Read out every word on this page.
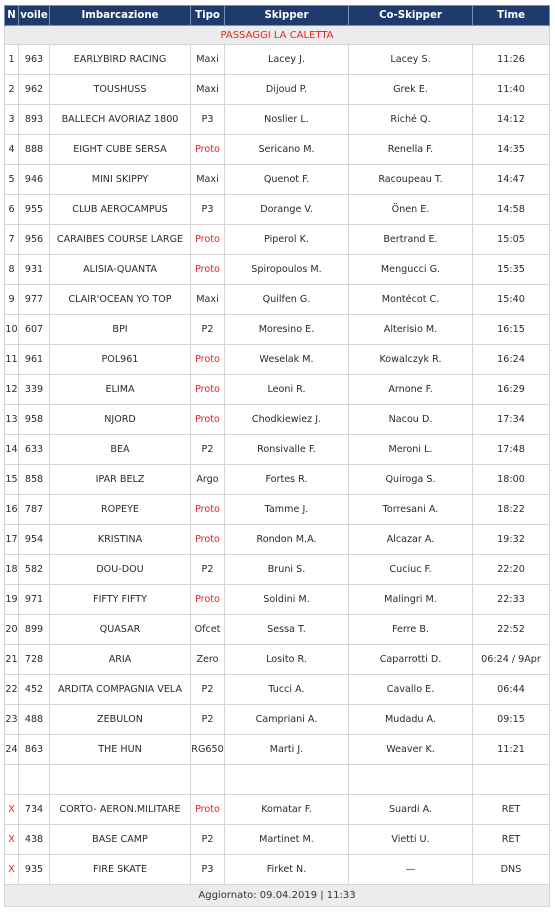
N	voile	Imbarcazione	Tipo	Skipper	Co-Skipper	Time
PASSAGGI LA CALETTA						
1	963	EARLYBIRD RACING	Maxi	Lacey J.	Lacey S.	11:26
2	962	TOUSHUSS	Maxi	Dijoud P.	Grek E.	11:40
3	893	BALLECH AVORIAZ 1800	P3	Noslier L.	Riché Q.	14:12
4	888	EIGHT CUBE SERSA	Proto	Sericano M.	Renella F.	14:35
5	946	MINI SKIPPY	Maxi	Quenot F.	Racoupeau T.	14:47
6	955	CLUB AEROCAMPUS	P3	Dorange V.	Önen E.	14:58
7	956	CARAIBES COURSE LARGE	Proto	Piperol K.	Bertrand E.	15:05
8	931	ALISIA-QUANTA	Proto	Spiropoulos M.	Mengucci G.	15:35
9	977	CLAIR'OCEAN YO TOP	Maxi	Quilfen G.	Montécot C.	15:40
10	607	BPI	P2	Moresino E.	Alterisio M.	16:15
11	961	POL961	Proto	Weselak M.	Kowalczyk R.	16:24
12	339	ELIMA	Proto	Leoni R.	Arnone F.	16:29
13	958	NJORD	Proto	Chodkiewiez J.	Nacou D.	17:34
14	633	BEA	P2	Ronsivalle F.	Meroni L.	17:48
15	858	IPAR BELZ	Argo	Fortes R.	Quiroga S.	18:00
16	787	ROPEYE	Proto	Tamme J.	Torresani A.	18:22
17	954	KRISTINA	Proto	Rondon M.A.	Alcazar A.	19:32
18	582	DOU-DOU	P2	Bruni S.	Cuciuc F.	22:20
19	971	FIFTY FIFTY	Proto	Soldini M.	Malingri M.	22:33
20	899	QUASAR	Ofcet	Sessa T.	Ferre B.	22:52
21	728	ARIA	Zero	Losito R.	Caparrotti D.	06:24 / 9Apr
22	452	ARDITA COMPAGNIA VELA	P2	Tucci A.	Cavallo E.	06:44
23	488	ZEBULON	P2	Campriani A.	Mudadu A.	09:15
24	863	THE HUN	RG650	Marti J.	Weaver K.	11:21

X	734	CORTO- AERON.MILITARE	Proto	Komatar F.	Suardi A.	RET
X	438	BASE CAMP	P2	Martinet M.	Vietti U.	RET
X	935	FIRE SKATE	P3	Firket N.	—	DNS
Aggiornato: 09.04.2019 | 11:33						
